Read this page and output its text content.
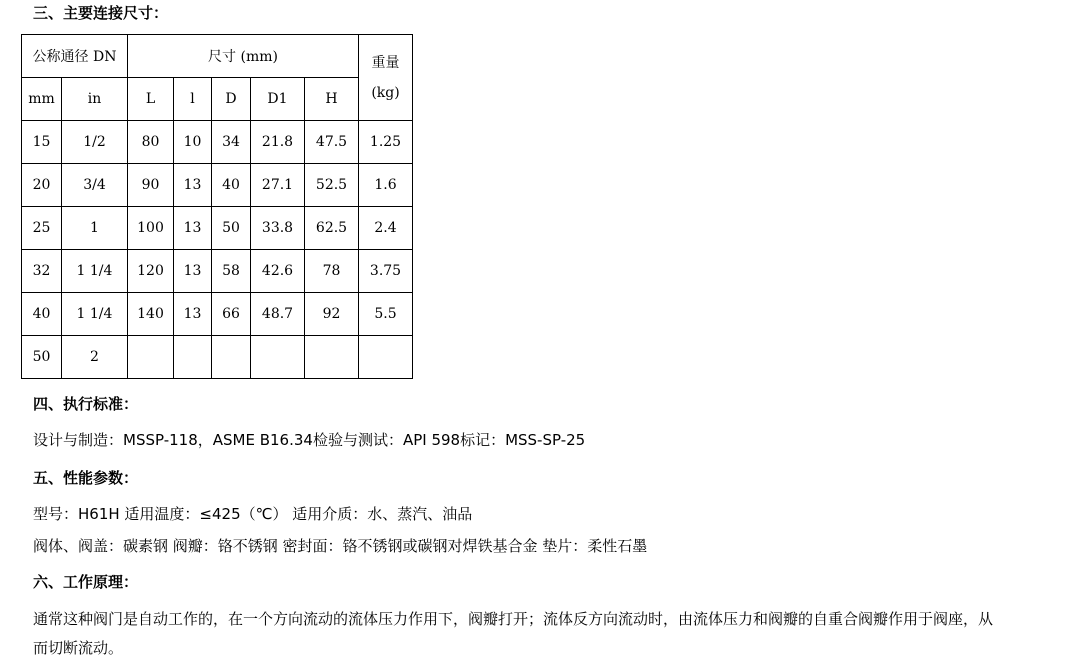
三、主要连接尺寸：
公称通径 DN		尺寸 (mm)					重量
(kg)

mm	in	L	l	D	D1	H	
15	1/2	80	10	34	21.8	47.5	1.25
20	3/4	90	13	40	27.1	52.5	1.6
25	1	100	13	50	33.8	62.5	2.4
32	1 1/4	120	13	58	42.6	78	3.75
40	1 1/4	140	13	66	48.7	92	5.5
50	2						
四、执行标准：
设计与制造：MSSP-118，ASME B16.34检验与测试：API 598标记：MSS-SP-25
五、性能参数：
型号：H61H 适用温度：≤425（℃） 适用介质：水、蒸汽、油品
阀体、阀盖：碳素钢 阀瓣：铬不锈钢 密封面：铬不锈钢或碳钢对焊铁基合金 垫片：柔性石墨
六、工作原理：
通常这种阀门是自动工作的，在一个方向流动的流体压力作用下，阀瓣打开；流体反方向流动时，由流体压力和阀瓣的自重合阀瓣作用于阀座，从
而切断流动。
